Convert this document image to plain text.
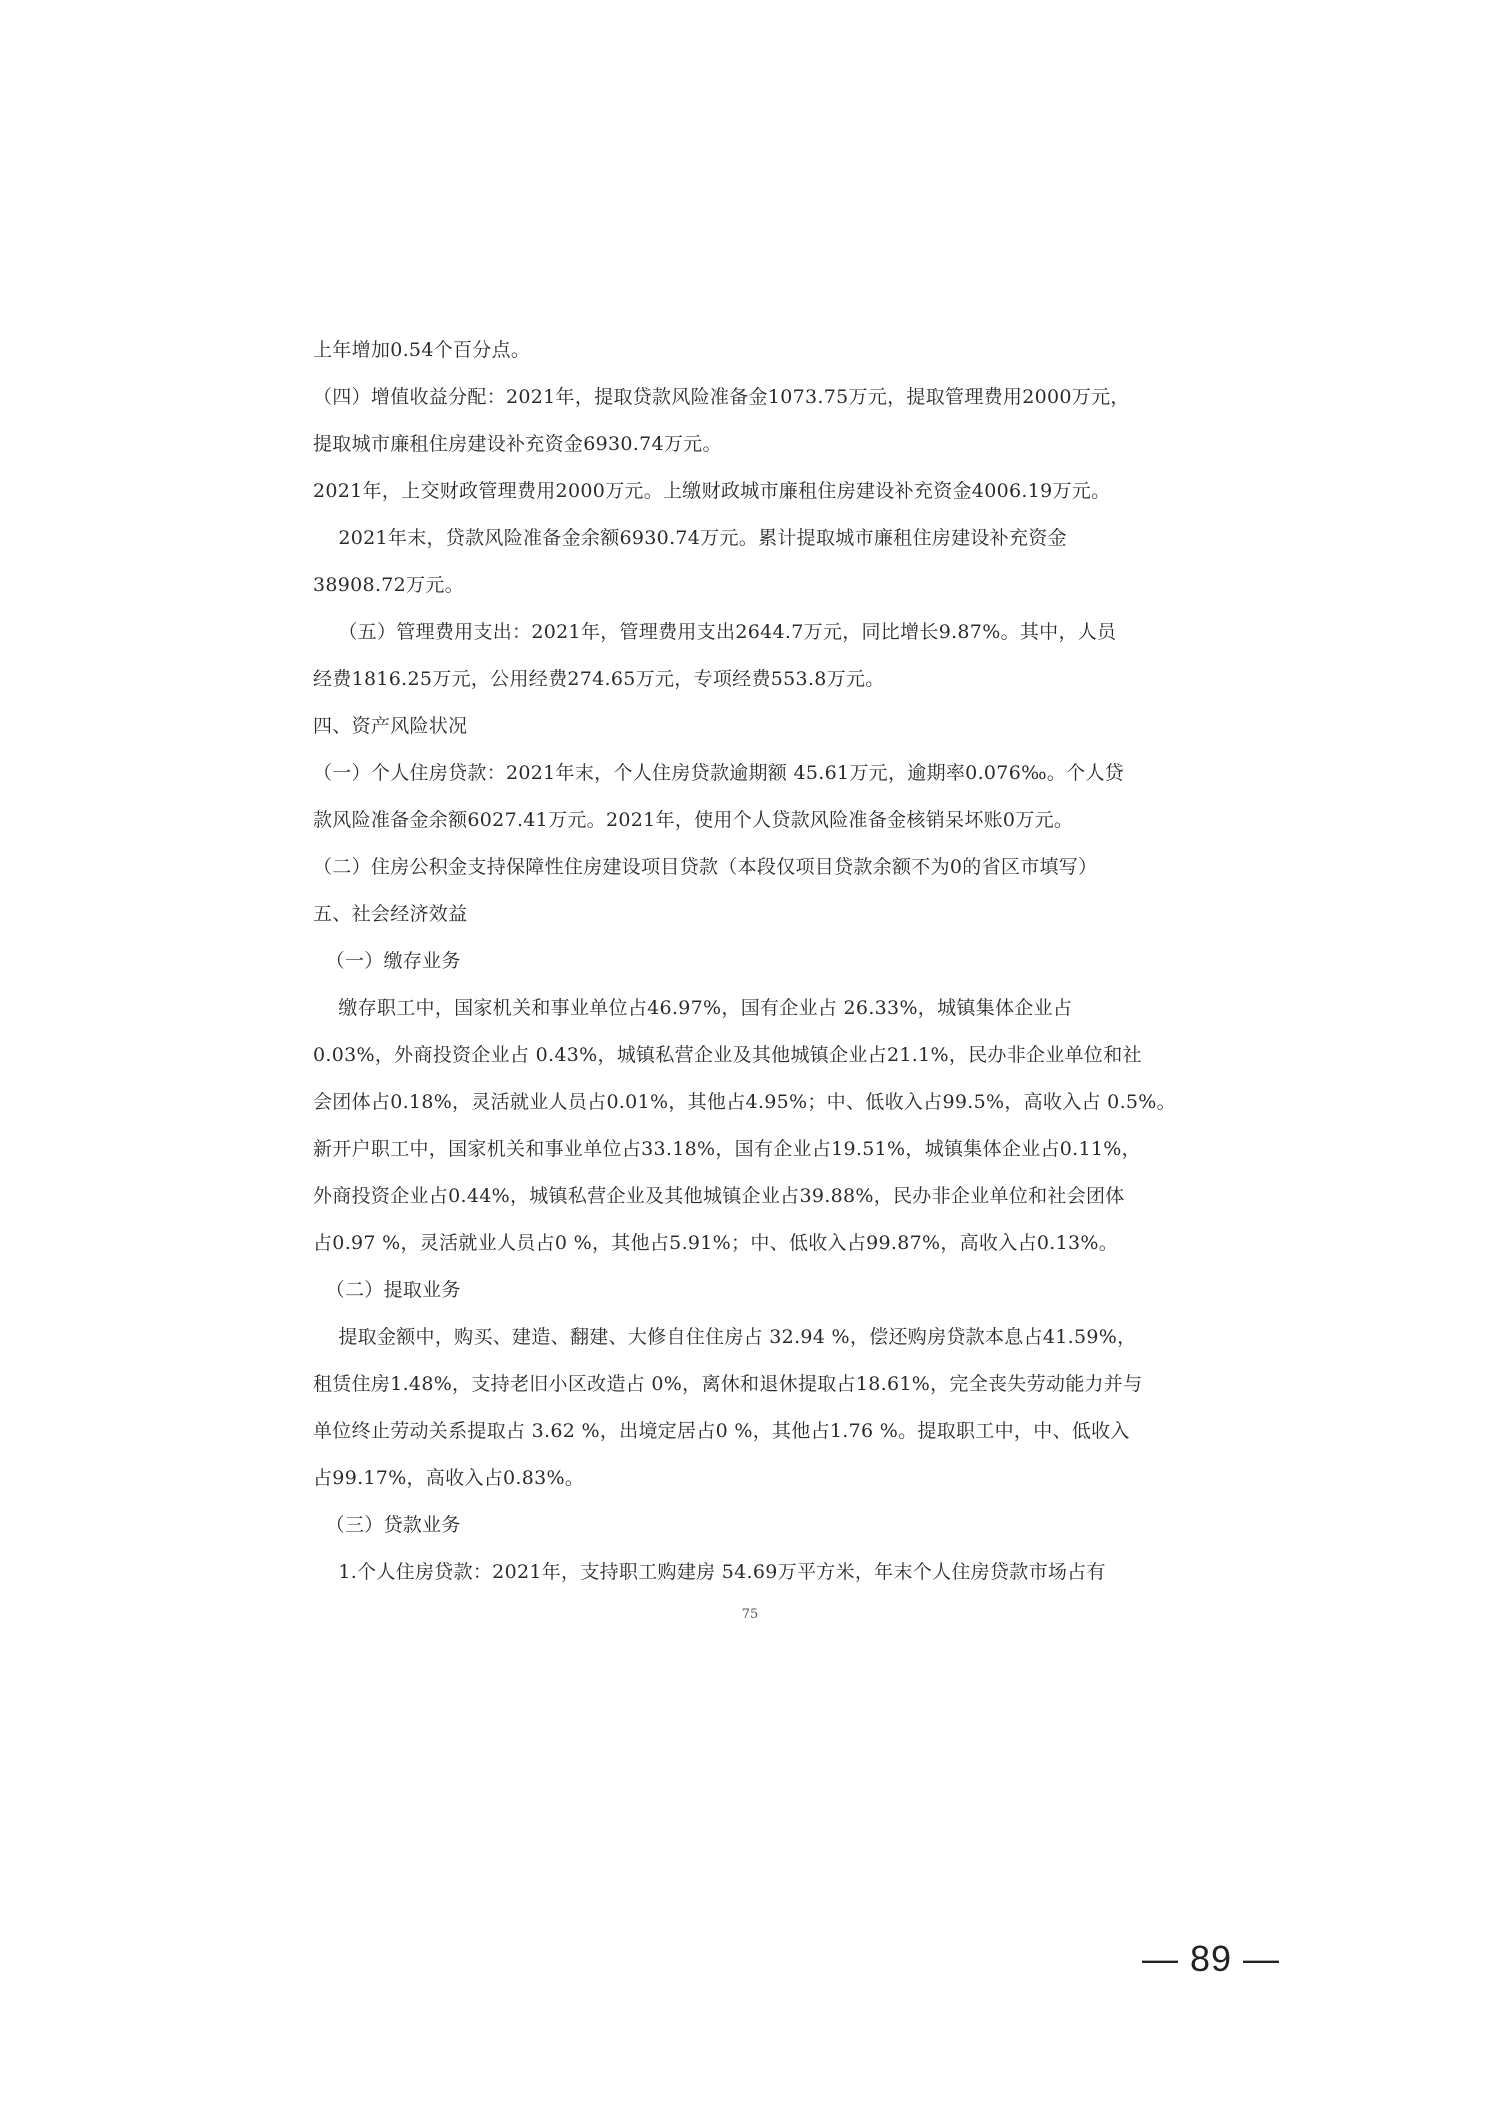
上年增加0.54个百分点。
（四）增值收益分配：2021年，提取贷款风险准备金1073.75万元，提取管理费用2000万元，
提取城市廉租住房建设补充资金6930.74万元。
2021年，上交财政管理费用2000万元。上缴财政城市廉租住房建设补充资金4006.19万元。
2021年末，贷款风险准备金余额6930.74万元。累计提取城市廉租住房建设补充资金
38908.72万元。
（五）管理费用支出：2021年，管理费用支出2644.7万元，同比增长9.87%。其中，人员
经费1816.25万元，公用经费274.65万元，专项经费553.8万元。
四、资产风险状况
（一）个人住房贷款：2021年末，个人住房贷款逾期额 45.61万元，逾期率0.076‰。个人贷
款风险准备金余额6027.41万元。2021年，使用个人贷款风险准备金核销呆坏账0万元。
（二）住房公积金支持保障性住房建设项目贷款（本段仅项目贷款余额不为0的省区市填写）
五、社会经济效益
（一）缴存业务
缴存职工中，国家机关和事业单位占46.97%，国有企业占 26.33%，城镇集体企业占
0.03%，外商投资企业占 0.43%，城镇私营企业及其他城镇企业占21.1%，民办非企业单位和社
会团体占0.18%，灵活就业人员占0.01%，其他占4.95%；中、低收入占99.5%，高收入占 0.5%。
新开户职工中，国家机关和事业单位占33.18%，国有企业占19.51%，城镇集体企业占0.11%，
外商投资企业占0.44%，城镇私营企业及其他城镇企业占39.88%，民办非企业单位和社会团体
占0.97 %，灵活就业人员占0 %，其他占5.91%；中、低收入占99.87%，高收入占0.13%。
（二）提取业务
提取金额中，购买、建造、翻建、大修自住住房占 32.94 %，偿还购房贷款本息占41.59%，
租赁住房1.48%，支持老旧小区改造占 0%，离休和退休提取占18.61%，完全丧失劳动能力并与
单位终止劳动关系提取占 3.62 %，出境定居占0 %，其他占1.76 %。提取职工中，中、低收入
占99.17%，高收入占0.83%。
（三）贷款业务
1.个人住房贷款：2021年，支持职工购建房 54.69万平方米，年末个人住房贷款市场占有
75
— 89 —
